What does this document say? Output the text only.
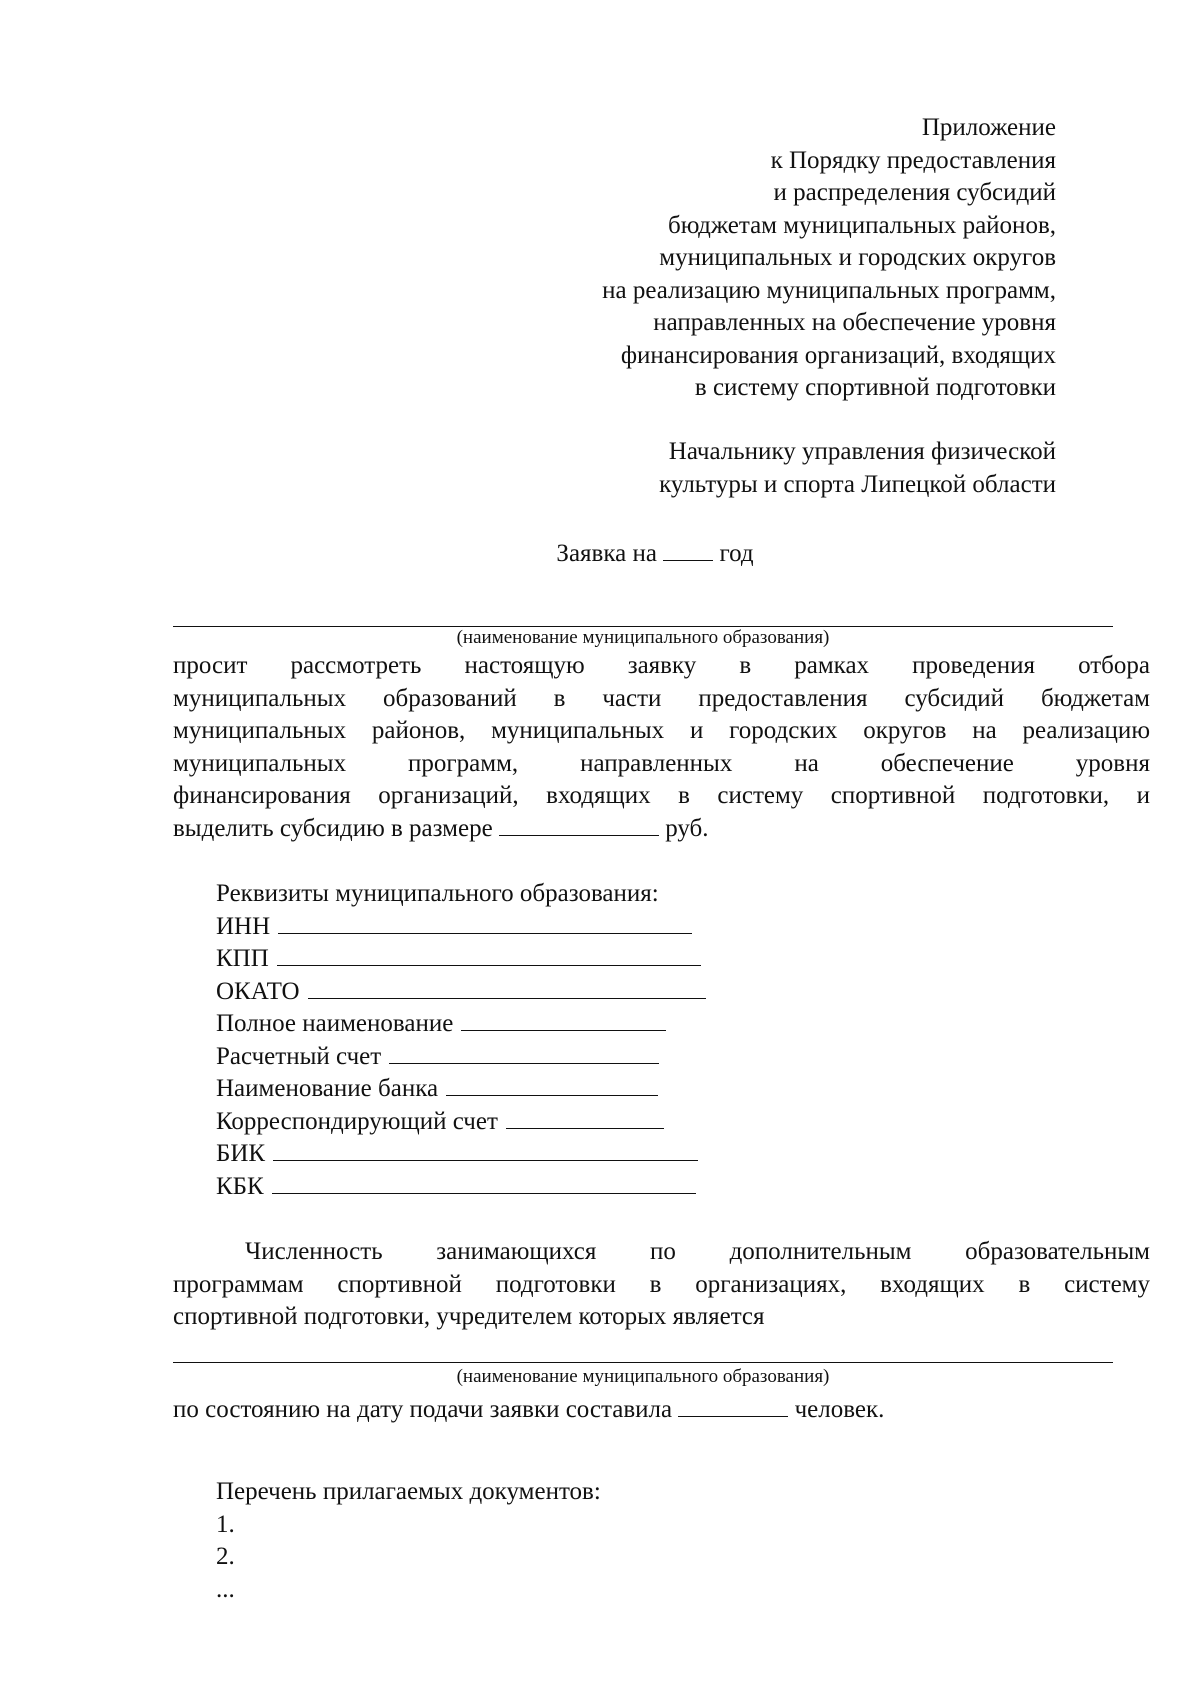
Приложение
к Порядку предоставления
и распределения субсидий
бюджетам муниципальных районов,
муниципальных и городских округов
на реализацию муниципальных программ,
направленных на обеспечение уровня
финансирования организаций, входящих
в систему спортивной подготовки
Начальнику управления физической
культуры и спорта Липецкой области
Заявка на  год
(наименование муниципального образования)
просит рассмотреть настоящую заявку в рамках проведения отбора
муниципальных образований в части предоставления субсидий бюджетам
муниципальных районов, муниципальных и городских округов на реализацию
муниципальных программ, направленных на обеспечение уровня
финансирования организаций, входящих в систему спортивной подготовки, и
выделить субсидию в размере	руб.
Реквизиты муниципального образования:
ИНН
КПП
ОКАТО
Полное наименование
Расчетный счет
Наименование банка
Корреспондирующий счет
БИК
КБК
Численность занимающихся по дополнительным образовательным
программам спортивной подготовки в организациях, входящих в систему
спортивной подготовки, учредителем которых является
(наименование муниципального образования)
по состоянию на дату подачи заявки составила	человек.
Перечень прилагаемых документов:
1.
2.
...
